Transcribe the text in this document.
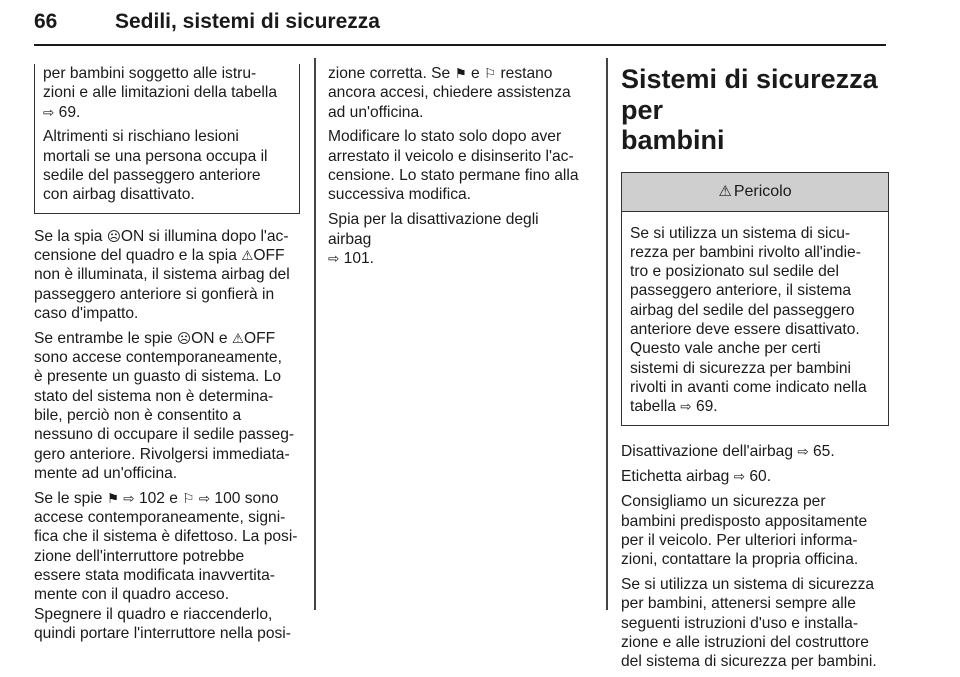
66	Sedili, sistemi di sicurezza

per bambini soggetto alle istru-
zioni e alle limitazioni della tabella
⇨ 69.

Altrimenti si rischiano lesioni
mortali se una persona occupa il
sedile del passeggero anteriore
con airbag disattivato.

Se la spia ☹ON si illumina dopo l'ac-
censione del quadro e la spia ⚠OFF
non è illuminata, il sistema airbag del
passeggero anteriore si gonfierà in
caso d'impatto.

Se entrambe le spie ☹ON e ⚠OFF
sono accese contemporaneamente,
è presente un guasto di sistema. Lo
stato del sistema non è determina-
bile, perciò non è consentito a
nessuno di occupare il sedile passeg-
gero anteriore. Rivolgersi immediata-
mente ad un'officina.

Se le spie ⚑ ⇨ 102 e ⚐ ⇨ 100 sono
accese contemporaneamente, signi-
fica che il sistema è difettoso. La posi-
zione dell'interruttore potrebbe
essere stata modificata inavvertita-
mente con il quadro acceso.
Spegnere il quadro e riaccenderlo,
quindi portare l'interruttore nella posi-

zione corretta. Se ⚑ e ⚐ restano
ancora accesi, chiedere assistenza
ad un'officina.

Modificare lo stato solo dopo aver
arrestato il veicolo e disinserito l'ac-
censione. Lo stato permane fino alla
successiva modifica.

Spia per la disattivazione degli airbag
⇨ 101.

Sistemi di sicurezza per
bambini
⚠ Pericolo
Se si utilizza un sistema di sicu-
rezza per bambini rivolto all'indie-
tro e posizionato sul sedile del
passeggero anteriore, il sistema
airbag del sedile del passeggero
anteriore deve essere disattivato.
Questo vale anche per certi
sistemi di sicurezza per bambini
rivolti in avanti come indicato nella
tabella ⇨ 69.

Disattivazione dell'airbag ⇨ 65.

Etichetta airbag ⇨ 60.

Consigliamo un sicurezza per
bambini predisposto appositamente
per il veicolo. Per ulteriori informa-
zioni, contattare la propria officina.

Se si utilizza un sistema di sicurezza
per bambini, attenersi sempre alle
seguenti istruzioni d'uso e installa-
zione e alle istruzioni del costruttore
del sistema di sicurezza per bambini.
